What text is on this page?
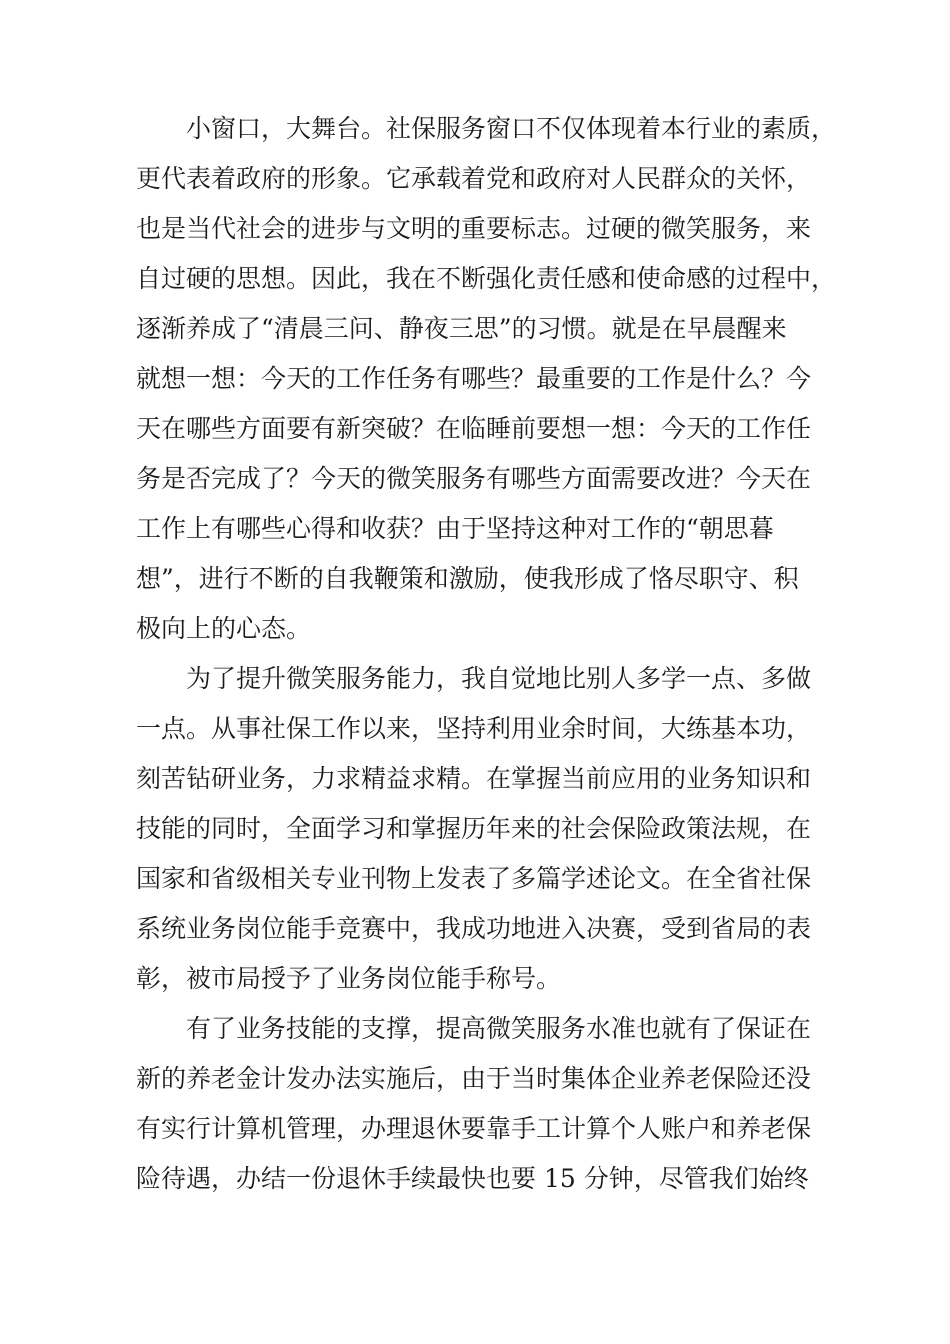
小窗口，大舞台。社保服务窗口不仅体现着本行业的素质，
更代表着政府的形象。它承载着党和政府对人民群众的关怀，
也是当代社会的进步与文明的重要标志。过硬的微笑服务，来
自过硬的思想。因此，我在不断强化责任感和使命感的过程中，
逐渐养成了“清晨三问、静夜三思”的习惯。就是在早晨醒来
就想一想：今天的工作任务有哪些？最重要的工作是什么？今
天在哪些方面要有新突破？在临睡前要想一想：今天的工作任
务是否完成了？今天的微笑服务有哪些方面需要改进？今天在
工作上有哪些心得和收获？由于坚持这种对工作的“朝思暮
想”，进行不断的自我鞭策和激励，使我形成了恪尽职守、积
极向上的心态。
为了提升微笑服务能力，我自觉地比别人多学一点、多做
一点。从事社保工作以来，坚持利用业余时间，大练基本功，
刻苦钻研业务，力求精益求精。在掌握当前应用的业务知识和
技能的同时，全面学习和掌握历年来的社会保险政策法规，在
国家和省级相关专业刊物上发表了多篇学述论文。在全省社保
系统业务岗位能手竞赛中，我成功地进入决赛，受到省局的表
彰，被市局授予了业务岗位能手称号。
有了业务技能的支撑，提高微笑服务水准也就有了保证在
新的养老金计发办法实施后，由于当时集体企业养老保险还没
有实行计算机管理，办理退休要靠手工计算个人账户和养老保
险待遇，办结一份退休手续最快也要 15 分钟，尽管我们始终
